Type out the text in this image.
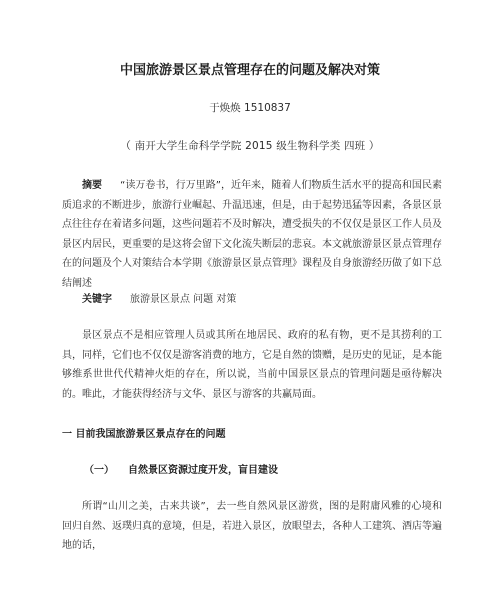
中国旅游景区景点管理存在的问题及解决对策
于焕焕 1510837
（ 南开大学生命科学学院 2015 级生物科学类 四班 ）
摘要 “读万卷书，行万里路”，近年来，随着人们物质生活水平的提高和国民素质追求的不断进步，旅游行业崛起、升温迅速，但是，由于起势迅猛等因素，各景区景点往往存在着诸多问题，这些问题若不及时解决，遭受损失的不仅仅是景区工作人员及景区内居民，更重要的是这将会留下文化流失断层的悲哀。本文就旅游景区景点管理存在的问题及个人对策结合本学期《旅游景区景点管理》课程及自身旅游经历做了如下总结阐述
关键字 旅游景区景点 问题 对策
景区景点不是相应管理人员或其所在地居民、政府的私有物，更不是其捞利的工具，同样，它们也不仅仅是游客消费的地方，它是自然的馈赠，是历史的见证，是本能够维系世世代代精神火炬的存在，所以说，当前中国景区景点的管理问题是亟待解决的。唯此，才能获得经济与文华、景区与游客的共赢局面。
一 目前我国旅游景区景点存在的问题
（一） 自然景区资源过度开发，盲目建设
所谓“山川之美，古来共谈”，去一些自然风景区游赏，图的是附庸风雅的心境和回归自然、返璞归真的意境，但是，若进入景区，放眼望去，各种人工建筑、酒店等遍地的话，
